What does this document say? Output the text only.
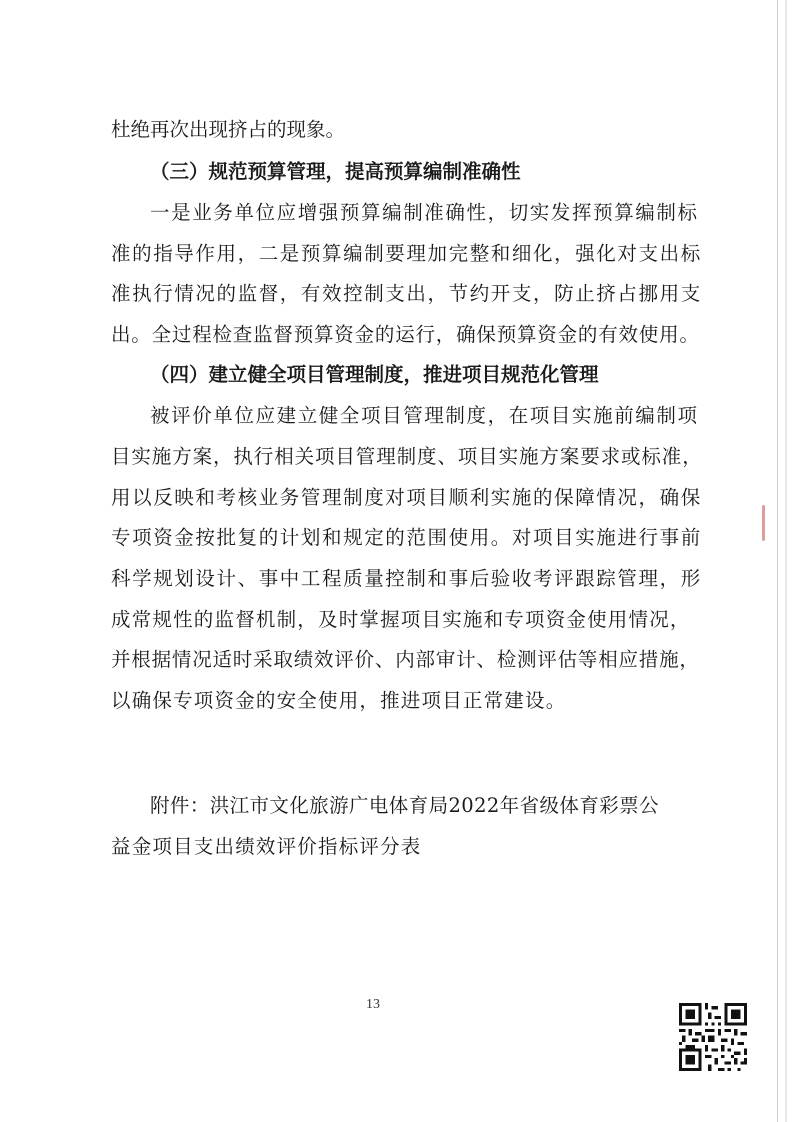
杜绝再次出现挤占的现象。
（三）规范预算管理，提高预算编制准确性
一是业务单位应增强预算编制准确性，切实发挥预算编制标
准的指导作用，二是预算编制要理加完整和细化，强化对支出标
准执行情况的监督，有效控制支出，节约开支，防止挤占挪用支
出。全过程检查监督预算资金的运行，确保预算资金的有效使用。
（四）建立健全项目管理制度，推进项目规范化管理
被评价单位应建立健全项目管理制度，在项目实施前编制项
目实施方案，执行相关项目管理制度、项目实施方案要求或标准，
用以反映和考核业务管理制度对项目顺利实施的保障情况，确保
专项资金按批复的计划和规定的范围使用。对项目实施进行事前
科学规划设计、事中工程质量控制和事后验收考评跟踪管理，形
成常规性的监督机制，及时掌握项目实施和专项资金使用情况，
并根据情况适时采取绩效评价、内部审计、检测评估等相应措施，
以确保专项资金的安全使用，推进项目正常建设。
附件：洪江市文化旅游广电体育局2022年省级体育彩票公
益金项目支出绩效评价指标评分表
13
